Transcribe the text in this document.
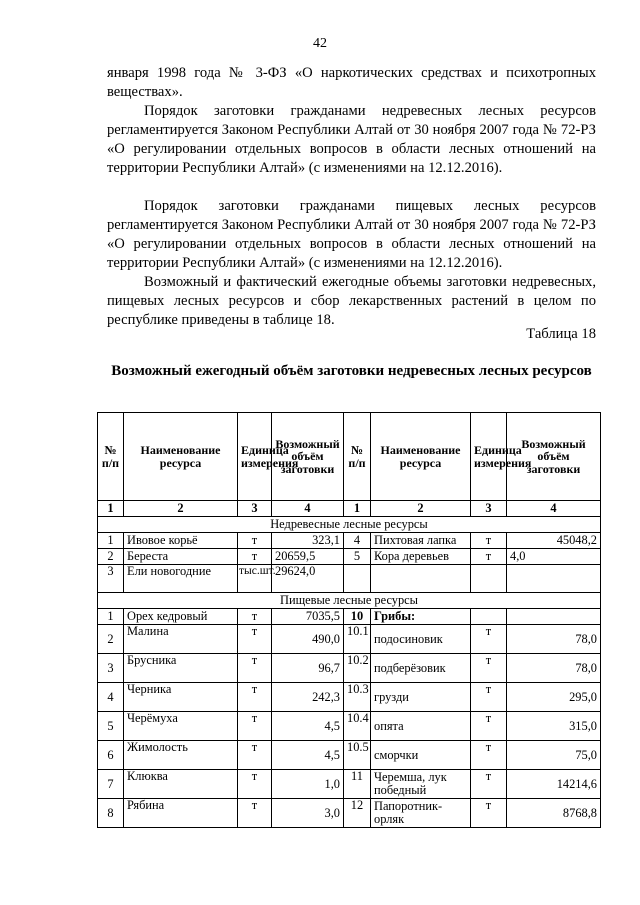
42

января 1998 года № 3-ФЗ «О наркотических средствах и психотропных веществах».

Порядок заготовки гражданами недревесных лесных ресурсов регламентируется Законом Республики Алтай от 30 ноября 2007 года № 72-РЗ «О регулировании отдельных вопросов в области лесных отношений на территории Республики Алтай» (с изменениями на 12.12.2016).

Порядок заготовки гражданами пищевых лесных ресурсов регламентируется Законом Республики Алтай от 30 ноября 2007 года № 72-РЗ «О регулировании отдельных вопросов в области лесных отношений на территории Республики Алтай» (с изменениями на 12.12.2016).

Возможный и фактический ежегодные объемы заготовки недревесных, пищевых лесных ресурсов и сбор лекарственных растений в целом по республике приведены в таблице 18.

Таблица 18
Возможный ежегодный объём заготовки недревесных лесных ресурсов
№ п/п	Наименование ресурса	Единица измерения	Возможный объём заготовки	№ п/п	Наименование ресурса	Единица измерения	Возможный объём заготовки
1	2	3	4	1	2	3	4
Недревесные лесные ресурсы							
1	Ивовое корьё	т	323,1	4	Пихтовая лапка	т	45048,2
2	Береста	т	20659,5	5	Кора деревьев	т	4,0
3	Ели новогодние	тыс.шт.	29624,0				
Пищевые лесные ресурсы							
1	Орех кедровый	т	7035,5	10	Грибы:		
2	Малина	т	490,0	10.1	подосиновик	т	78,0
3	Брусника	т	96,7	10.2	подберёзовик	т	78,0
4	Черника	т	242,3	10.3	грузди	т	295,0
5	Черёмуха	т	4,5	10.4	опята	т	315,0
6	Жимолость	т	4,5	10.5	сморчки	т	75,0
7	Клюква	т	1,0	11	Черемша, лук победный	т	14214,6
8	Рябина	т	3,0	12	Папоротник-орляк	т	8768,8
